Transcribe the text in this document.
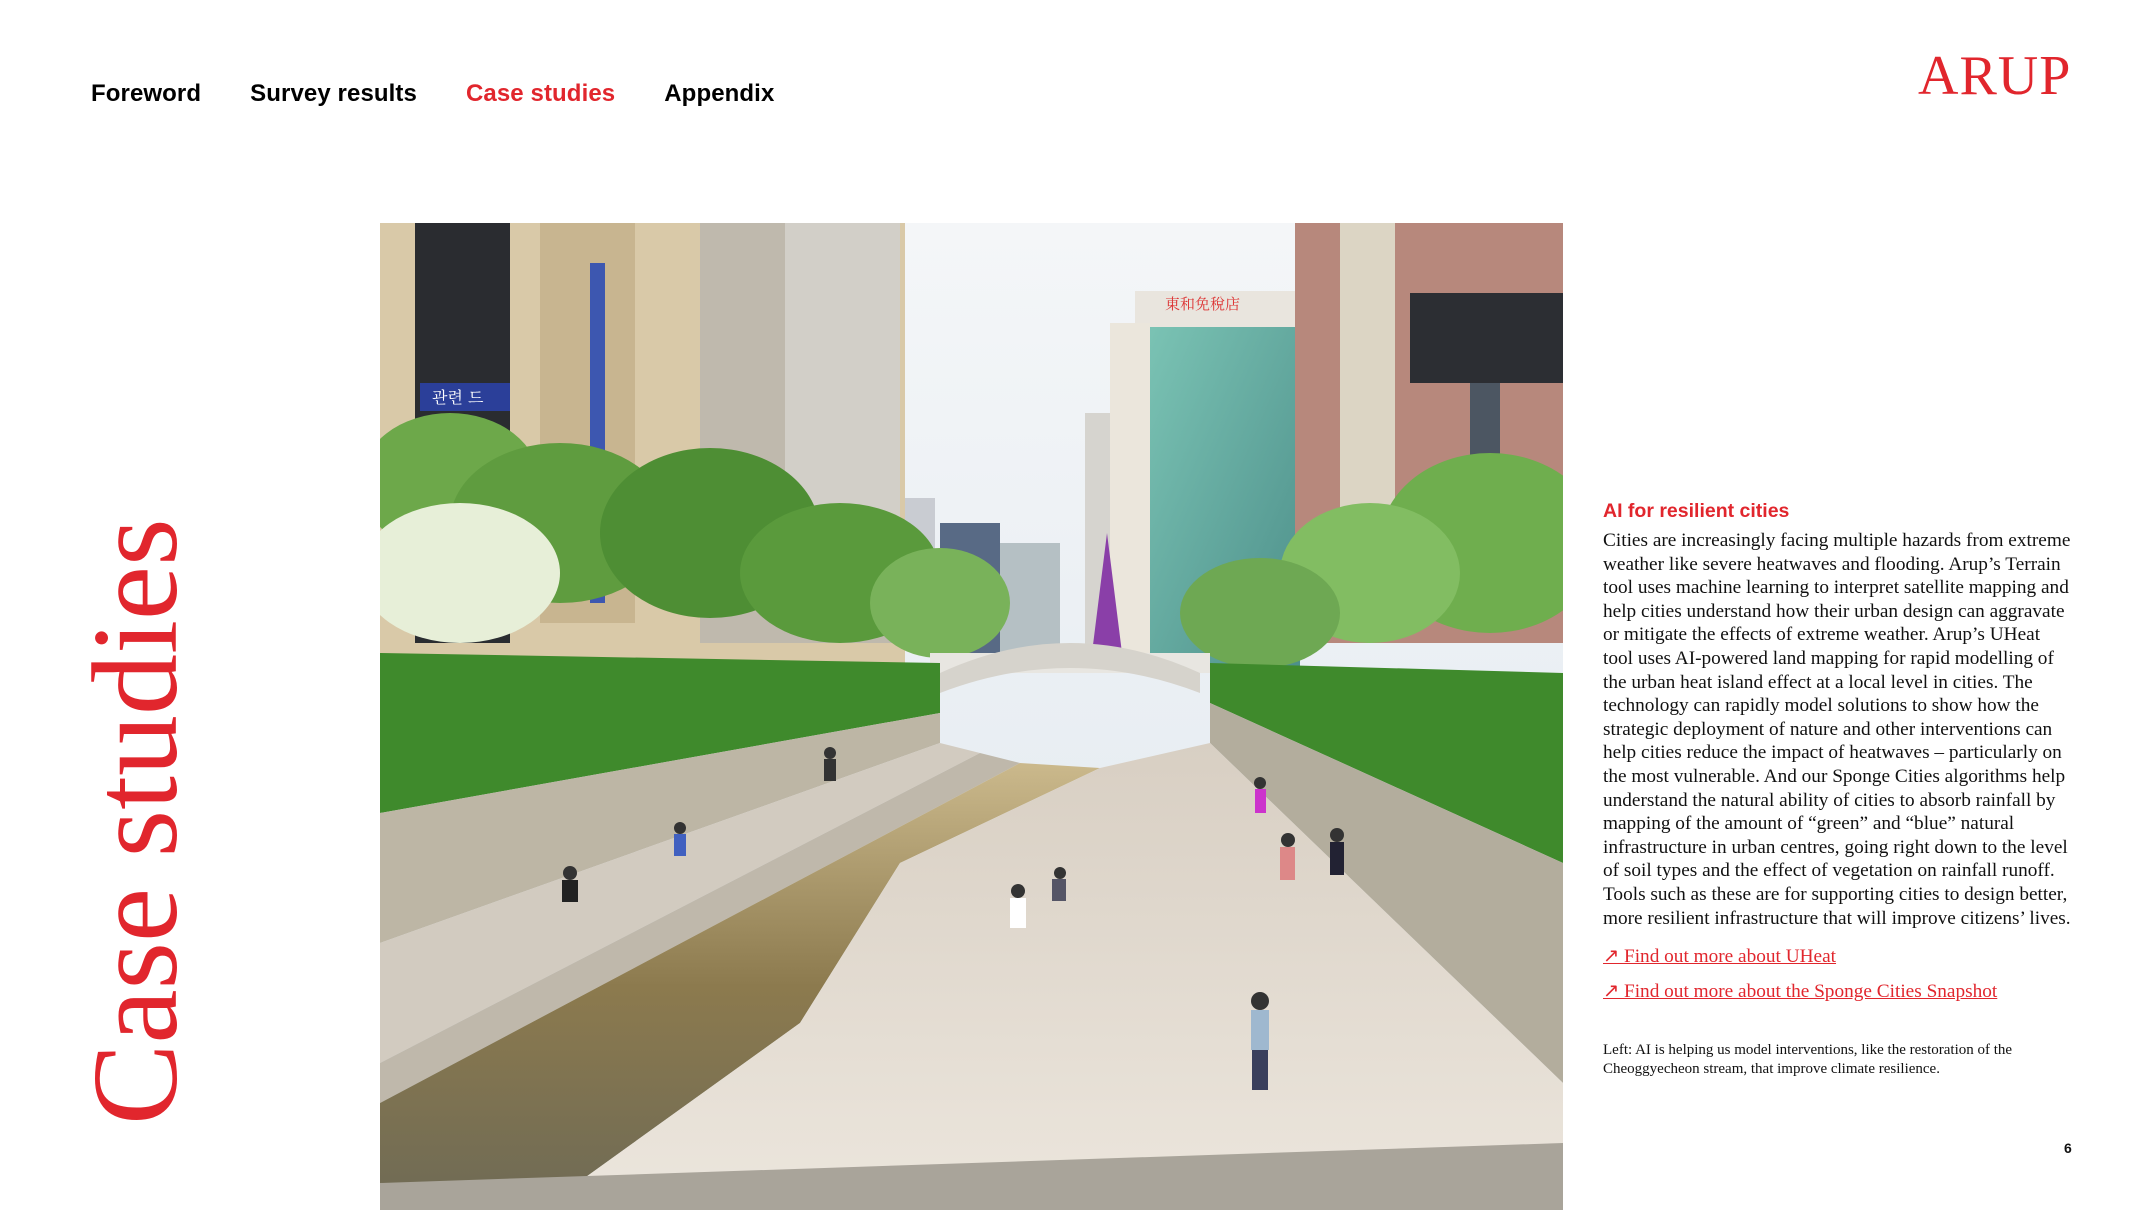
Foreword Survey results Case studies Appendix	ARUP
Case studies
東和免稅店
관련 드
AI for resilient cities

Cities are increasingly facing multiple hazards from extreme weather like severe heatwaves and flooding. Arup’s Terrain tool uses machine learning to interpret satellite mapping and help cities understand how their urban design can aggravate or mitigate the effects of extreme weather. Arup’s UHeat tool uses AI-powered land mapping for rapid modelling of the urban heat island effect at a local level in cities. The technology can rapidly model solutions to show how the strategic deployment of nature and other interventions can help cities reduce the impact of heatwaves – particularly on the most vulnerable. And our Sponge Cities algorithms help understand the natural ability of cities to absorb rainfall by mapping of the amount of “green” and “blue” natural infrastructure in urban centres, going right down to the level of soil types and the effect of vegetation on rainfall runoff. Tools such as these are for supporting cities to design better, more resilient infrastructure that will improve citizens’ lives.

↗ Find out more about UHeat
↗ Find out more about the Sponge Cities Snapshot
Left: AI is helping us model interventions, like the restoration of the Cheoggyecheon stream, that improve climate resilience.
6
